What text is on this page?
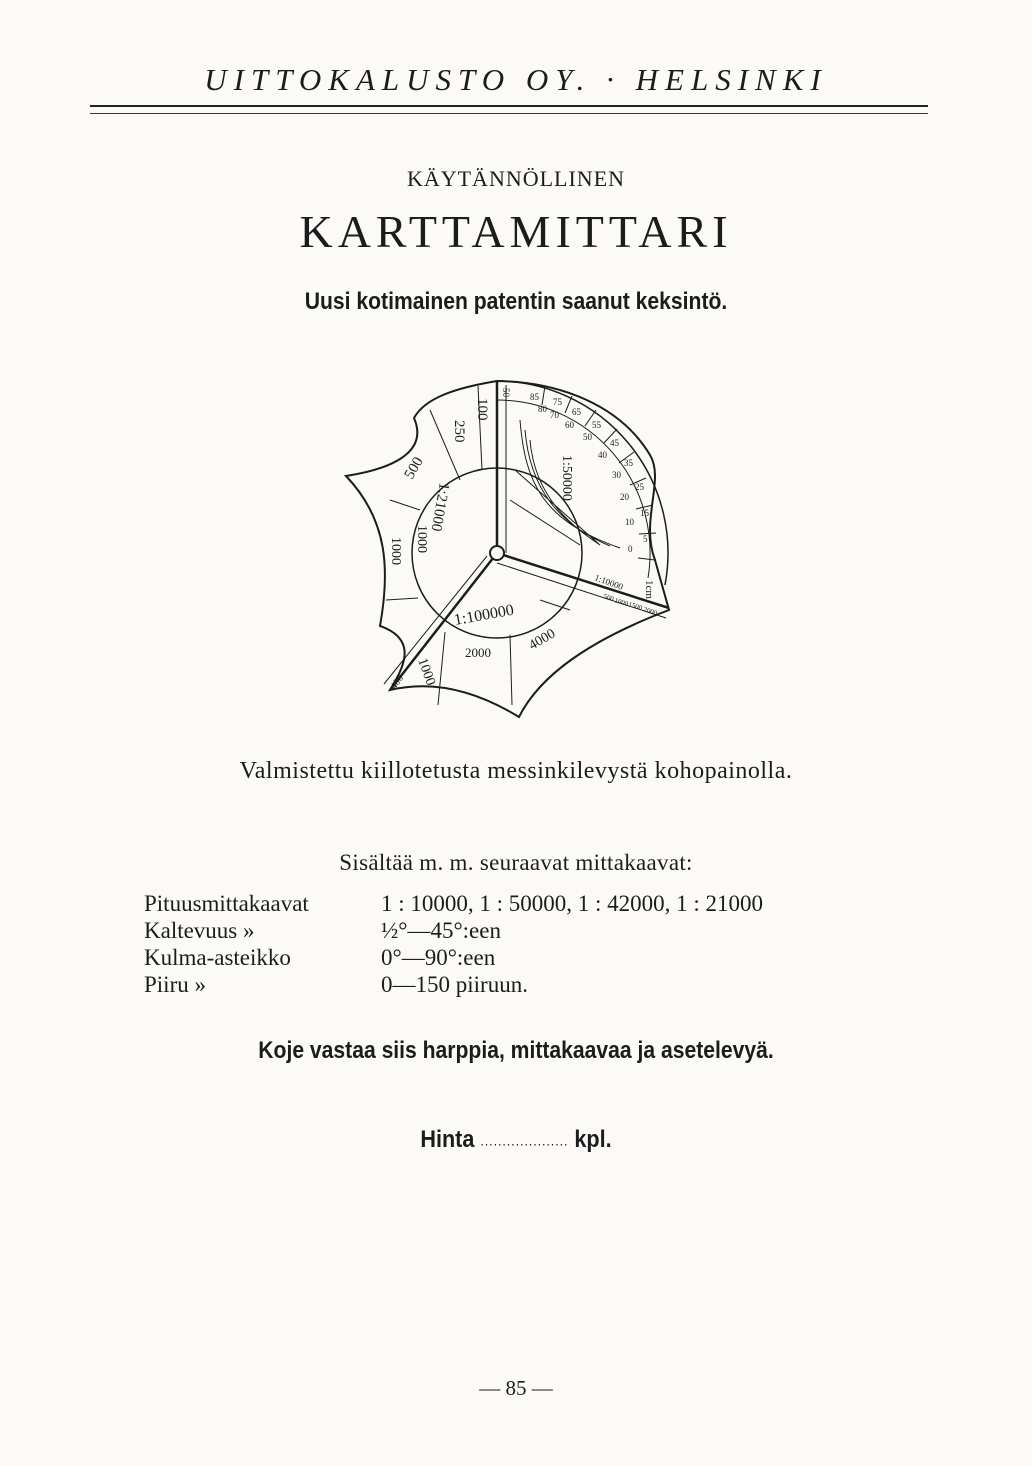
UITTOKALUSTO OY. · HELSINKI
KÄYTÄNNÖLLINEN
KARTTAMITTARI
Uusi kotimainen patentin saanut keksintö.
250
100
50
500
1:21000
1000 1000
1:100000
2000	4000
1000
400
1:50000
1:10000 1cm
85
80
75
70 65
60 55
50
45
40
35
30
25
20
15
10
5
0
500
1000
1500 2000
Valmistettu kiillotetusta messinkilevystä kohopainolla.
Sisältää m. m. seuraavat mittakaavat:
Pituusmittakaavat	1 : 10000, 1 : 50000, 1 : 42000, 1 : 21000
Kaltevuus »	½°—45°:een
Kulma-asteikko	0°—90°:een
Piiru »	0—150 piiruun.
Koje vastaa siis harppia, mittakaavaa ja asetelevyä.
Hinta .................... kpl.
— 85 —
